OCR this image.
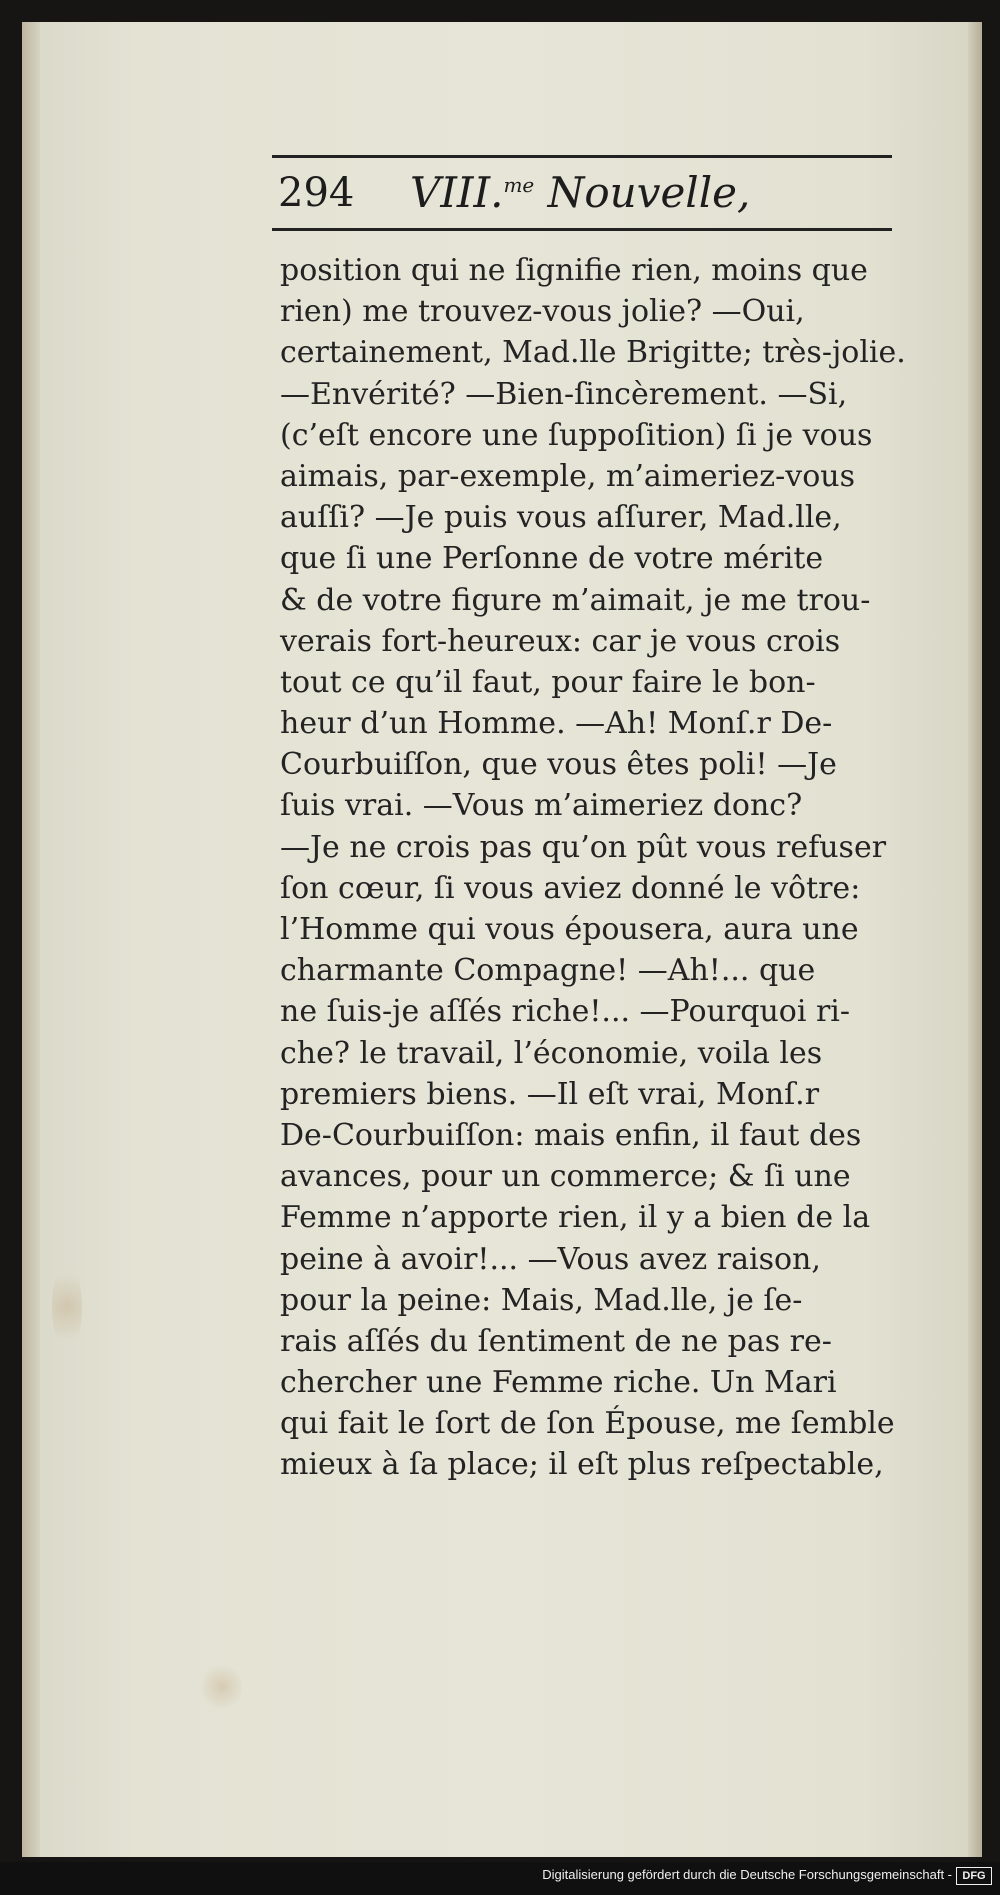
294 VIII.$^{me}$ Nouvelle,
position qui ne ſignifie rien, moins que
rien) me trouvez-vous jolie? —Oui,
certainement, Mad.lle Brigitte; très-jolie.
—Envérité? —Bien-ſincèrement. —Si,
(c’eſt encore une ſuppoſition) ſi je vous
aimais, par-exemple, m’aimeriez-vous
auſſi? —Je puis vous aſſurer, Mad.lle,
que ſi une Perſonne de votre mérite
& de votre figure m’aimait, je me trou-
verais fort-heureux: car je vous crois
tout ce qu’il faut, pour faire le bon-
heur d’un Homme. —Ah! Monſ.r De-
Courbuiſſon, que vous êtes poli! —Je
ſuis vrai. —Vous m’aimeriez donc?
—Je ne crois pas qu’on pût vous refuser
ſon cœur, ſi vous aviez donné le vôtre:
l’Homme qui vous épousera, aura une
charmante Compagne! —Ah!... que
ne ſuis-je aſſés riche!... —Pourquoi ri-
che? le travail, l’économie, voila les
premiers biens. —Il eſt vrai, Monſ.r
De-Courbuiſſon: mais enfin, il faut des
avances, pour un commerce; & ſi une
Femme n’apporte rien, il y a bien de la
peine à avoir!... —Vous avez raison,
pour la peine: Mais, Mad.lle, je ſe-
rais aſſés du ſentiment de ne pas re-
chercher une Femme riche. Un Mari
qui fait le ſort de ſon Épouse, me ſemble
mieux à ſa place; il eſt plus reſpectable,
Digitalisierung gefördert durch die Deutsche Forschungsgemeinschaft - DFG
